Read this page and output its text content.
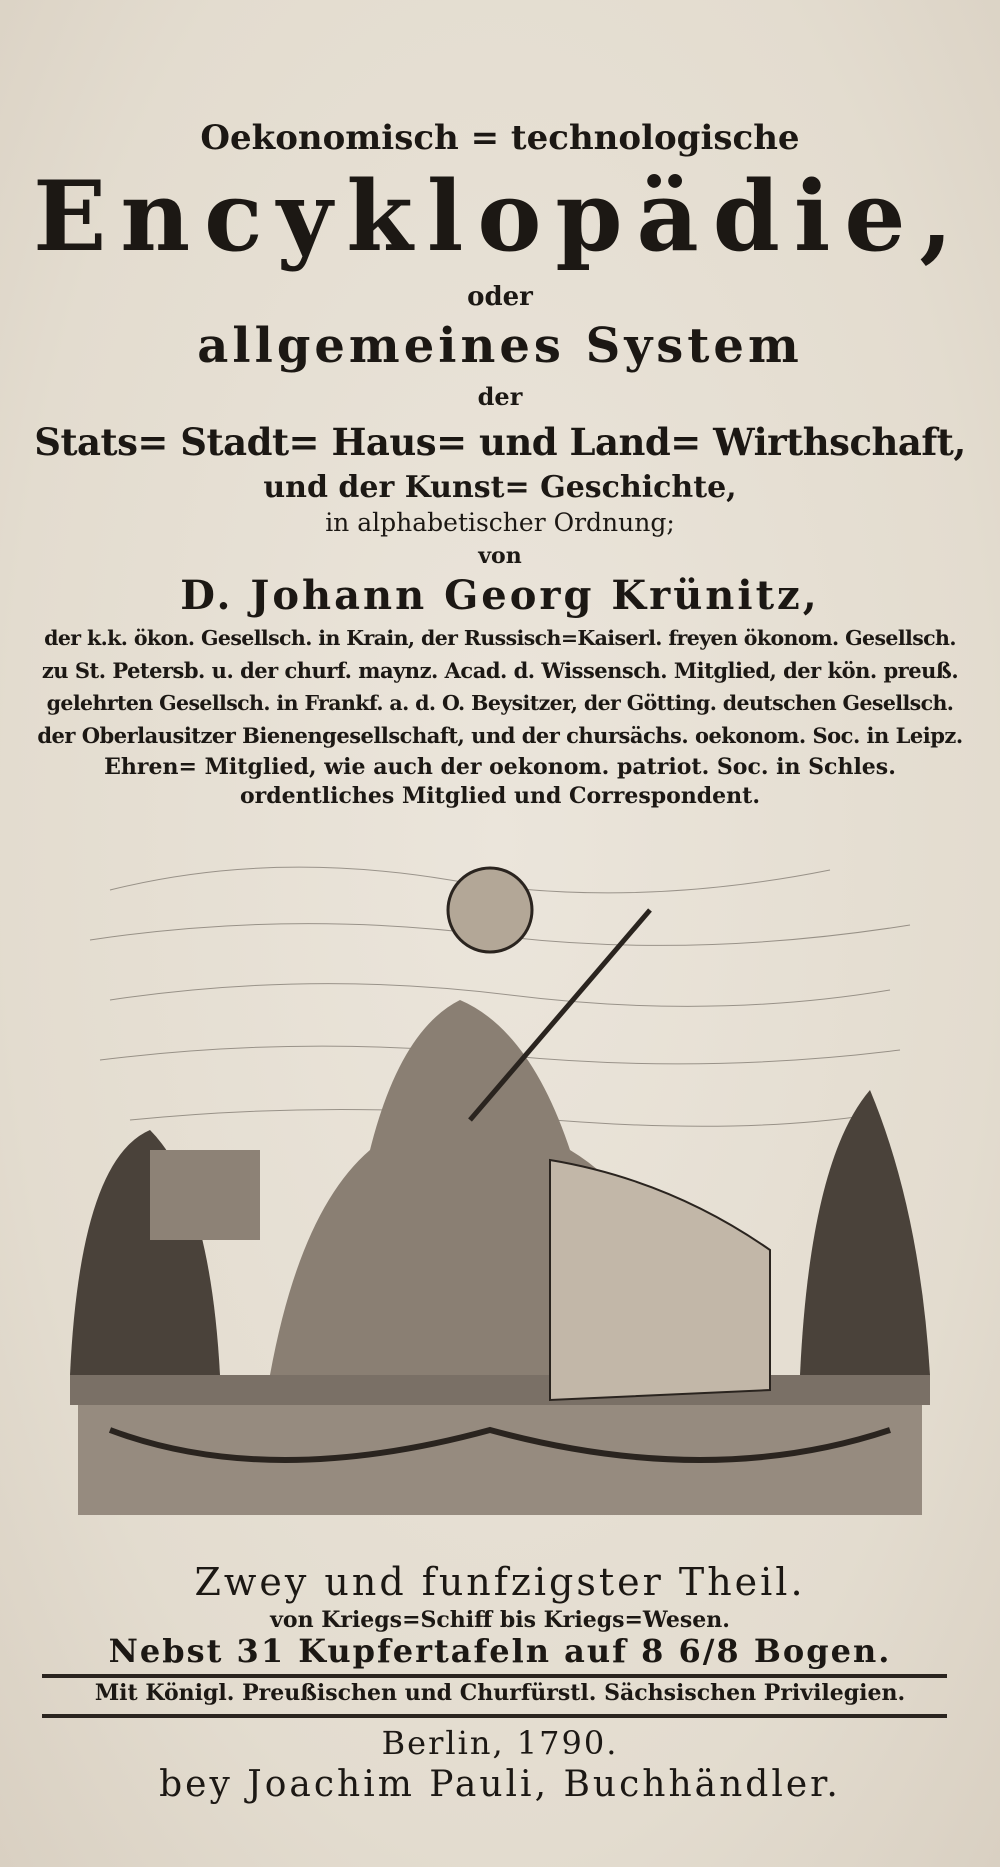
Oekonomisch = technologische
Encyklopädie,
oder
allgemeines System
der
Stats= Stadt= Haus= und Land= Wirthschaft,
und der Kunst= Geschichte,
in alphabetischer Ordnung;
von
D. Johann Georg Krünitz,
der k.k. ökon. Gesellsch. in Krain, der Russisch=Kaiserl. freyen ökonom. Gesellsch.
zu St. Petersb. u. der churf. maynz. Acad. d. Wissensch. Mitglied, der kön. preuß.
gelehrten Gesellsch. in Frankf. a. d. O. Beysitzer, der Götting. deutschen Gesellsch.
der Oberlausitzer Bienengesellschaft, und der chursächs. oekonom. Soc. in Leipz.
Ehren= Mitglied, wie auch der oekonom. patriot. Soc. in Schles.
ordentliches Mitglied und Correspondent.
Zwey und funfzigster Theil.
von Kriegs=Schiff bis Kriegs=Wesen.
Nebst 31 Kupfertafeln auf 8 6/8 Bogen.
Mit Königl. Preußischen und Churfürstl. Sächsischen Privilegien.
Berlin, 1790.
bey Joachim Pauli, Buchhändler.
